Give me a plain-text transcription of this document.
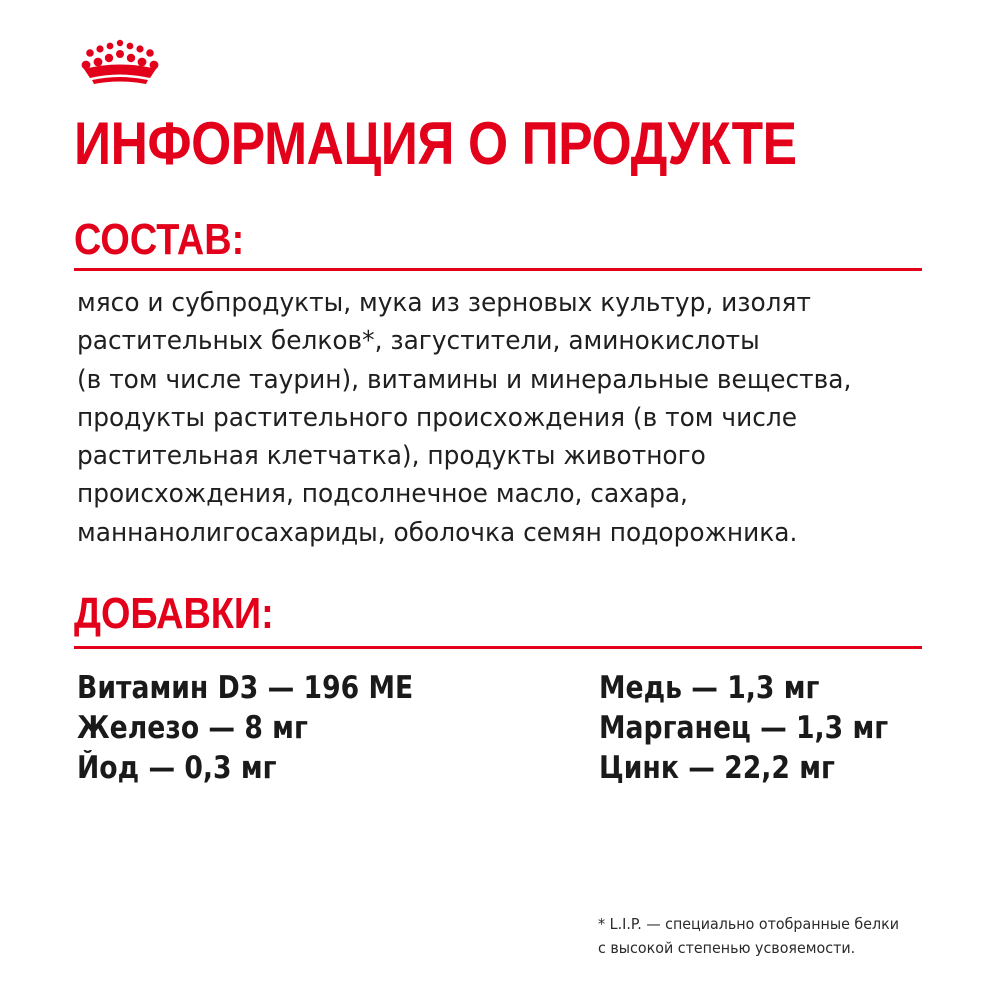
ИНФОРМАЦИЯ О ПРОДУКТЕ
СОСТАВ:

мясо и субпродукты, мука из зерновых культур, изолят
растительных белков*, загустители, аминокислоты
(в том числе таурин), витамины и минеральные вещества,
продукты растительного происхождения (в том числе
растительная клетчатка), продукты животного
происхождения, подсолнечное масло, сахара,
маннанолигосахариды, оболочка семян подорожника.

ДОБАВКИ:
Витамин D3 — 196 МЕ
Железо — 8 мг
Йод — 0,3 мг
Медь — 1,3 мг
Марганец — 1,3 мг
Цинк — 22,2 мг

* L.I.P. — специально отобранные белки
с высокой степенью усвояемости.
